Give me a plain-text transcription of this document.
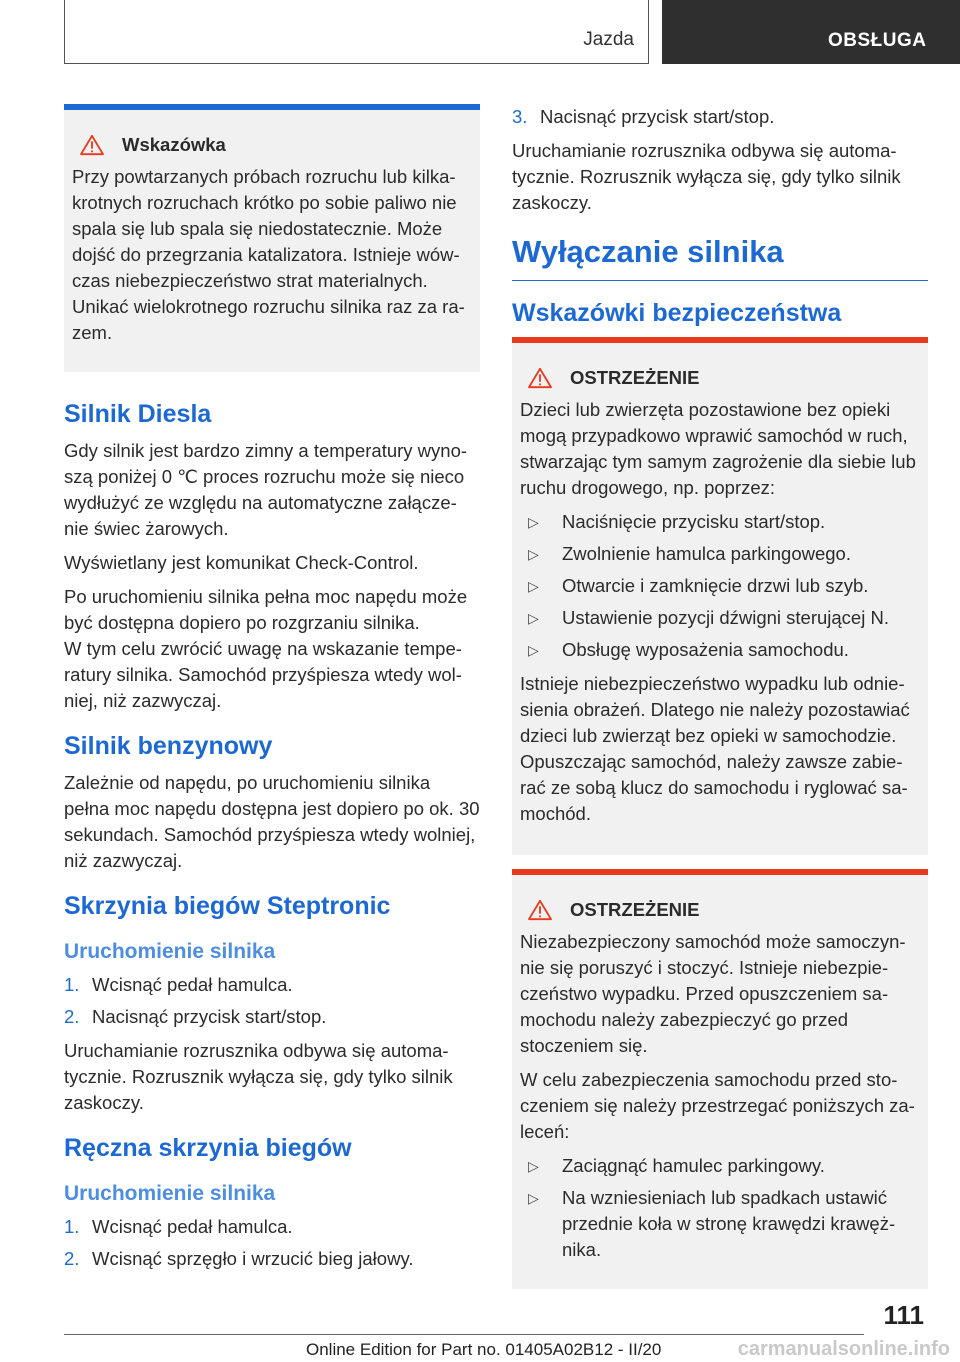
Jazda	OBSŁUGA
Wskazówka

Przy powtarzanych próbach rozruchu lub kilka-krotnych rozruchach krótko po sobie paliwo nie spala się lub spala się niedostatecznie. Może dojść do przegrzania katalizatora. Istnieje wów-czas niebezpieczeństwo strat materialnych. Unikać wielokrotnego rozruchu silnika raz za ra-zem.

Silnik Diesla

Gdy silnik jest bardzo zimny a temperatury wyno-szą poniżej 0 ℃ proces rozruchu może się nieco wydłużyć ze względu na automatyczne załącze-nie świec żarowych.

Wyświetlany jest komunikat Check-Control.

Po uruchomieniu silnika pełna moc napędu może być dostępna dopiero po rozgrzaniu silnika.

W tym celu zwrócić uwagę na wskazanie tempe-ratury silnika. Samochód przyśpiesza wtedy wol-niej, niż zazwyczaj.

Silnik benzynowy

Zależnie od napędu, po uruchomieniu silnika pełna moc napędu dostępna jest dopiero po ok. 30 sekundach. Samochód przyśpiesza wtedy wolniej, niż zazwyczaj.

Skrzynia biegów Steptronic
Uruchomienie silnika
1. Wcisnąć pedał hamulca.
2. Nacisnąć przycisk start/stop.

Uruchamianie rozrusznika odbywa się automa-tycznie. Rozrusznik wyłącza się, gdy tylko silnik zaskoczy.

Ręczna skrzynia biegów
Uruchomienie silnika
1. Wcisnąć pedał hamulca.
2. Wcisnąć sprzęgło i wrzucić bieg jałowy.
3. Nacisnąć przycisk start/stop.

Uruchamianie rozrusznika odbywa się automa-tycznie. Rozrusznik wyłącza się, gdy tylko silnik zaskoczy.

Wyłączanie silnika
Wskazówki bezpieczeństwa
OSTRZEŻENIE

Dzieci lub zwierzęta pozostawione bez opieki mogą przypadkowo wprawić samochód w ruch, stwarzając tym samym zagrożenie dla siebie lub ruchu drogowego, np. poprzez:

▷	Naciśnięcie przycisku start/stop.
▷	Zwolnienie hamulca parkingowego.
▷	Otwarcie i zamknięcie drzwi lub szyb.
▷	Ustawienie pozycji dźwigni sterującej N.
▷	Obsługę wyposażenia samochodu.

Istnieje niebezpieczeństwo wypadku lub odnie-sienia obrażeń. Dlatego nie należy pozostawiać dzieci lub zwierząt bez opieki w samochodzie. Opuszczając samochód, należy zawsze zabie-rać ze sobą klucz do samochodu i ryglować sa-mochód.

OSTRZEŻENIE

Niezabezpieczony samochód może samoczyn-nie się poruszyć i stoczyć. Istnieje niebezpie-czeństwo wypadku. Przed opuszczeniem sa-mochodu należy zabezpieczyć go przed stoczeniem się.

W celu zabezpieczenia samochodu przed sto-czeniem się należy przestrzegać poniższych za-leceń:

▷	Zaciągnąć hamulec parkingowy.
▷	Na wzniesieniach lub spadkach ustawić przednie koła w stronę krawędzi krawęż-nika.
111
Online Edition for Part no. 01405A02B12 - II/20	carmanualsonline.info
